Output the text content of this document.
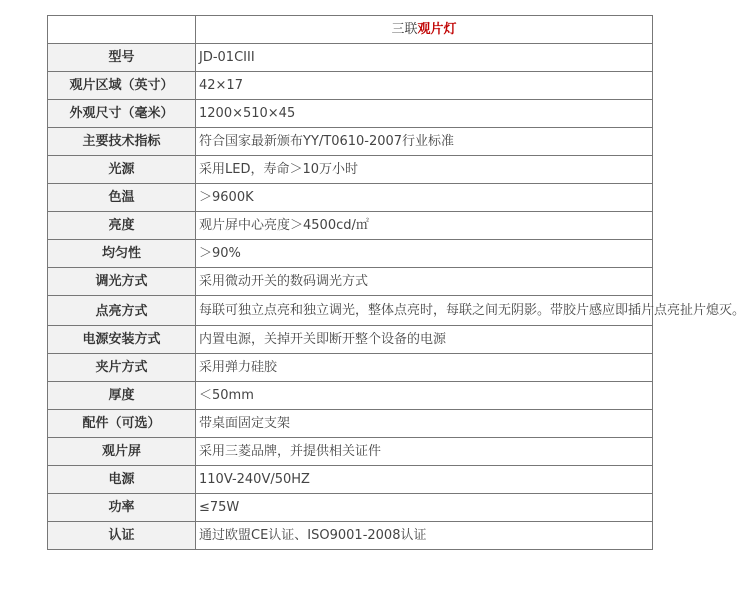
	三联观片灯
型号	JD-01CIII
观片区域（英寸）	42×17
外观尺寸（毫米）	1200×510×45
主要技术指标	符合国家最新颁布YY/T0610-2007行业标准
光源	采用LED，寿命＞10万小时
色温	＞9600K
亮度	观片屏中心亮度＞4500cd/㎡
均匀性	＞90%
调光方式	采用微动开关的数码调光方式
点亮方式	每联可独立点亮和独立调光，整体点亮时，每联之间无阴影。带胶片感应即插片点亮扯片熄灭。
电源安装方式	内置电源，关掉开关即断开整个设备的电源
夹片方式	采用弹力硅胶
厚度	＜50mm
配件（可选）	带桌面固定支架
观片屏	采用三菱品牌，并提供相关证件
电源	110V-240V/50HZ
功率	≤75W
认证	通过欧盟CE认证、ISO9001-2008认证
